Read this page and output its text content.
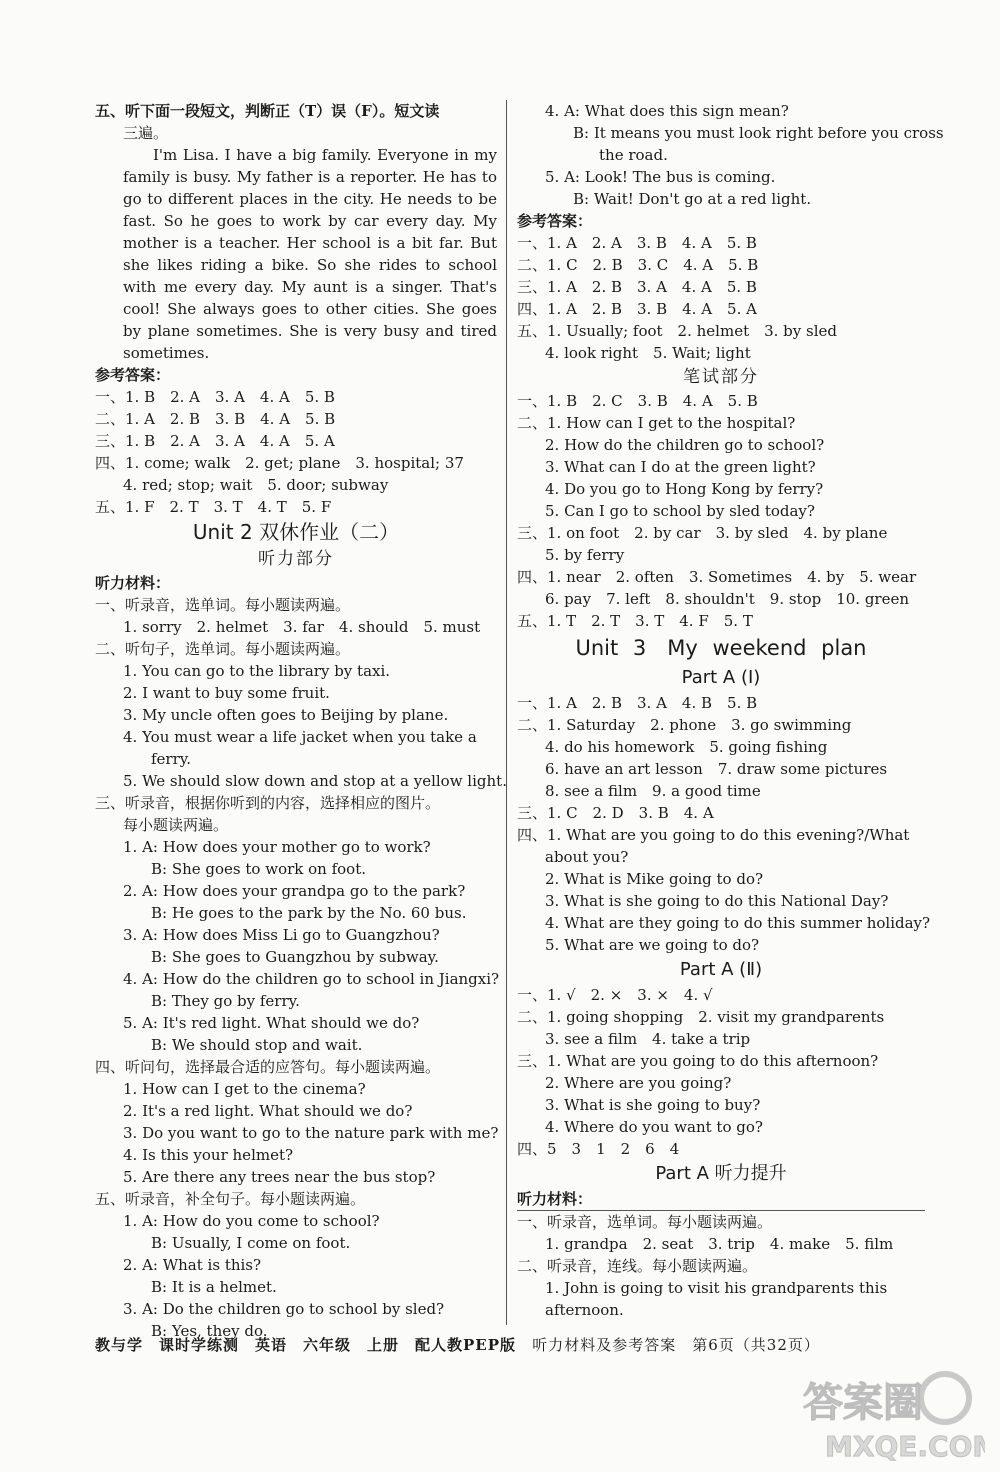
五、听下面一段短文，判断正（T）误（F）。短文读
三遍。
I'm Lisa. I have a big family. Everyone in my family is busy. My father is a reporter. He has to go to different places in the city. He needs to be fast. So he goes to work by car every day. My mother is a teacher. Her school is a bit far. But she likes riding a bike. So she rides to school with me every day. My aunt is a singer. That's cool! She always goes to other cities. She goes by plane sometimes. She is very busy and tired sometimes.
参考答案：
一、1. B　2. A　3. A　4. A　5. B
二、1. A　2. B　3. B　4. A　5. B
三、1. B　2. A　3. A　4. A　5. A
四、1. come; walk　2. get; plane　3. hospital; 37
4. red; stop; wait　5. door; subway
五、1. F　2. T　3. T　4. T　5. F
Unit 2 双休作业（二）
听力部分
听力材料：
一、听录音，选单词。每小题读两遍。
1. sorry　2. helmet　3. far　4. should　5. must
二、听句子，选单词。每小题读两遍。
1. You can go to the library by taxi.
2. I want to buy some fruit.
3. My uncle often goes to Beijing by plane.
4. You must wear a life jacket when you take a
ferry.
5. We should slow down and stop at a yellow light.
三、听录音，根据你听到的内容，选择相应的图片。
每小题读两遍。
1. A: How does your mother go to work?
B: She goes to work on foot.
2. A: How does your grandpa go to the park?
B: He goes to the park by the No. 60 bus.
3. A: How does Miss Li go to Guangzhou?
B: She goes to Guangzhou by subway.
4. A: How do the children go to school in Jiangxi?
B: They go by ferry.
5. A: It's red light. What should we do?
B: We should stop and wait.
四、听问句，选择最合适的应答句。每小题读两遍。
1. How can I get to the cinema?
2. It's a red light. What should we do?
3. Do you want to go to the nature park with me?
4. Is this your helmet?
5. Are there any trees near the bus stop?
五、听录音，补全句子。每小题读两遍。
1. A: How do you come to school?
B: Usually, I come on foot.
2. A: What is this?
B: It is a helmet.
3. A: Do the children go to school by sled?
B: Yes, they do.
4. A: What does this sign mean?
B: It means you must look right before you cross
the road.
5. A: Look! The bus is coming.
B: Wait! Don't go at a red light.
参考答案：
一、1. A　2. A　3. B　4. A　5. B
二、1. C　2. B　3. C　4. A　5. B
三、1. A　2. B　3. A　4. A　5. B
四、1. A　2. B　3. B　4. A　5. A
五、1. Usually; foot　2. helmet　3. by sled
4. look right　5. Wait; light
笔试部分
一、1. B　2. C　3. B　4. A　5. B
二、1. How can I get to the hospital?
2. How do the children go to school?
3. What can I do at the green light?
4. Do you go to Hong Kong by ferry?
5. Can I go to school by sled today?
三、1. on foot　2. by car　3. by sled　4. by plane
5. by ferry
四、1. near　2. often　3. Sometimes　4. by　5. wear
6. pay　7. left　8. shouldn't　9. stop　10. green
五、1. T　2. T　3. T　4. F　5. T
Unit 3　My weekend plan
Part A (Ⅰ)
一、1. A　2. B　3. A　4. B　5. B
二、1. Saturday　2. phone　3. go swimming
4. do his homework　5. going fishing
6. have an art lesson　7. draw some pictures
8. see a film　9. a good time
三、1. C　2. D　3. B　4. A
四、1. What are you going to do this evening?/What
about you?
2. What is Mike going to do?
3. What is she going to do this National Day?
4. What are they going to do this summer holiday?
5. What are we going to do?
Part A (Ⅱ)
一、1. √　2. ×　3. ×　4. √
二、1. going shopping　2. visit my grandparents
3. see a film　4. take a trip
三、1. What are you going to do this afternoon?
2. Where are you going?
3. What is she going to buy?
4. Where do you want to go?
四、5　3　1　2　6　4
Part A 听力提升
听力材料：
一、听录音，选单词。每小题读两遍。
1. grandpa　2. seat　3. trip　4. make　5. film
二、听录音，连线。每小题读两遍。
1. John is going to visit his grandparents this
afternoon.
教与学　课时学练测　英语　六年级　上册　配人教PEP版 听力材料及参考答案　第6页（共32页）
答案圈
MXQE.COM
